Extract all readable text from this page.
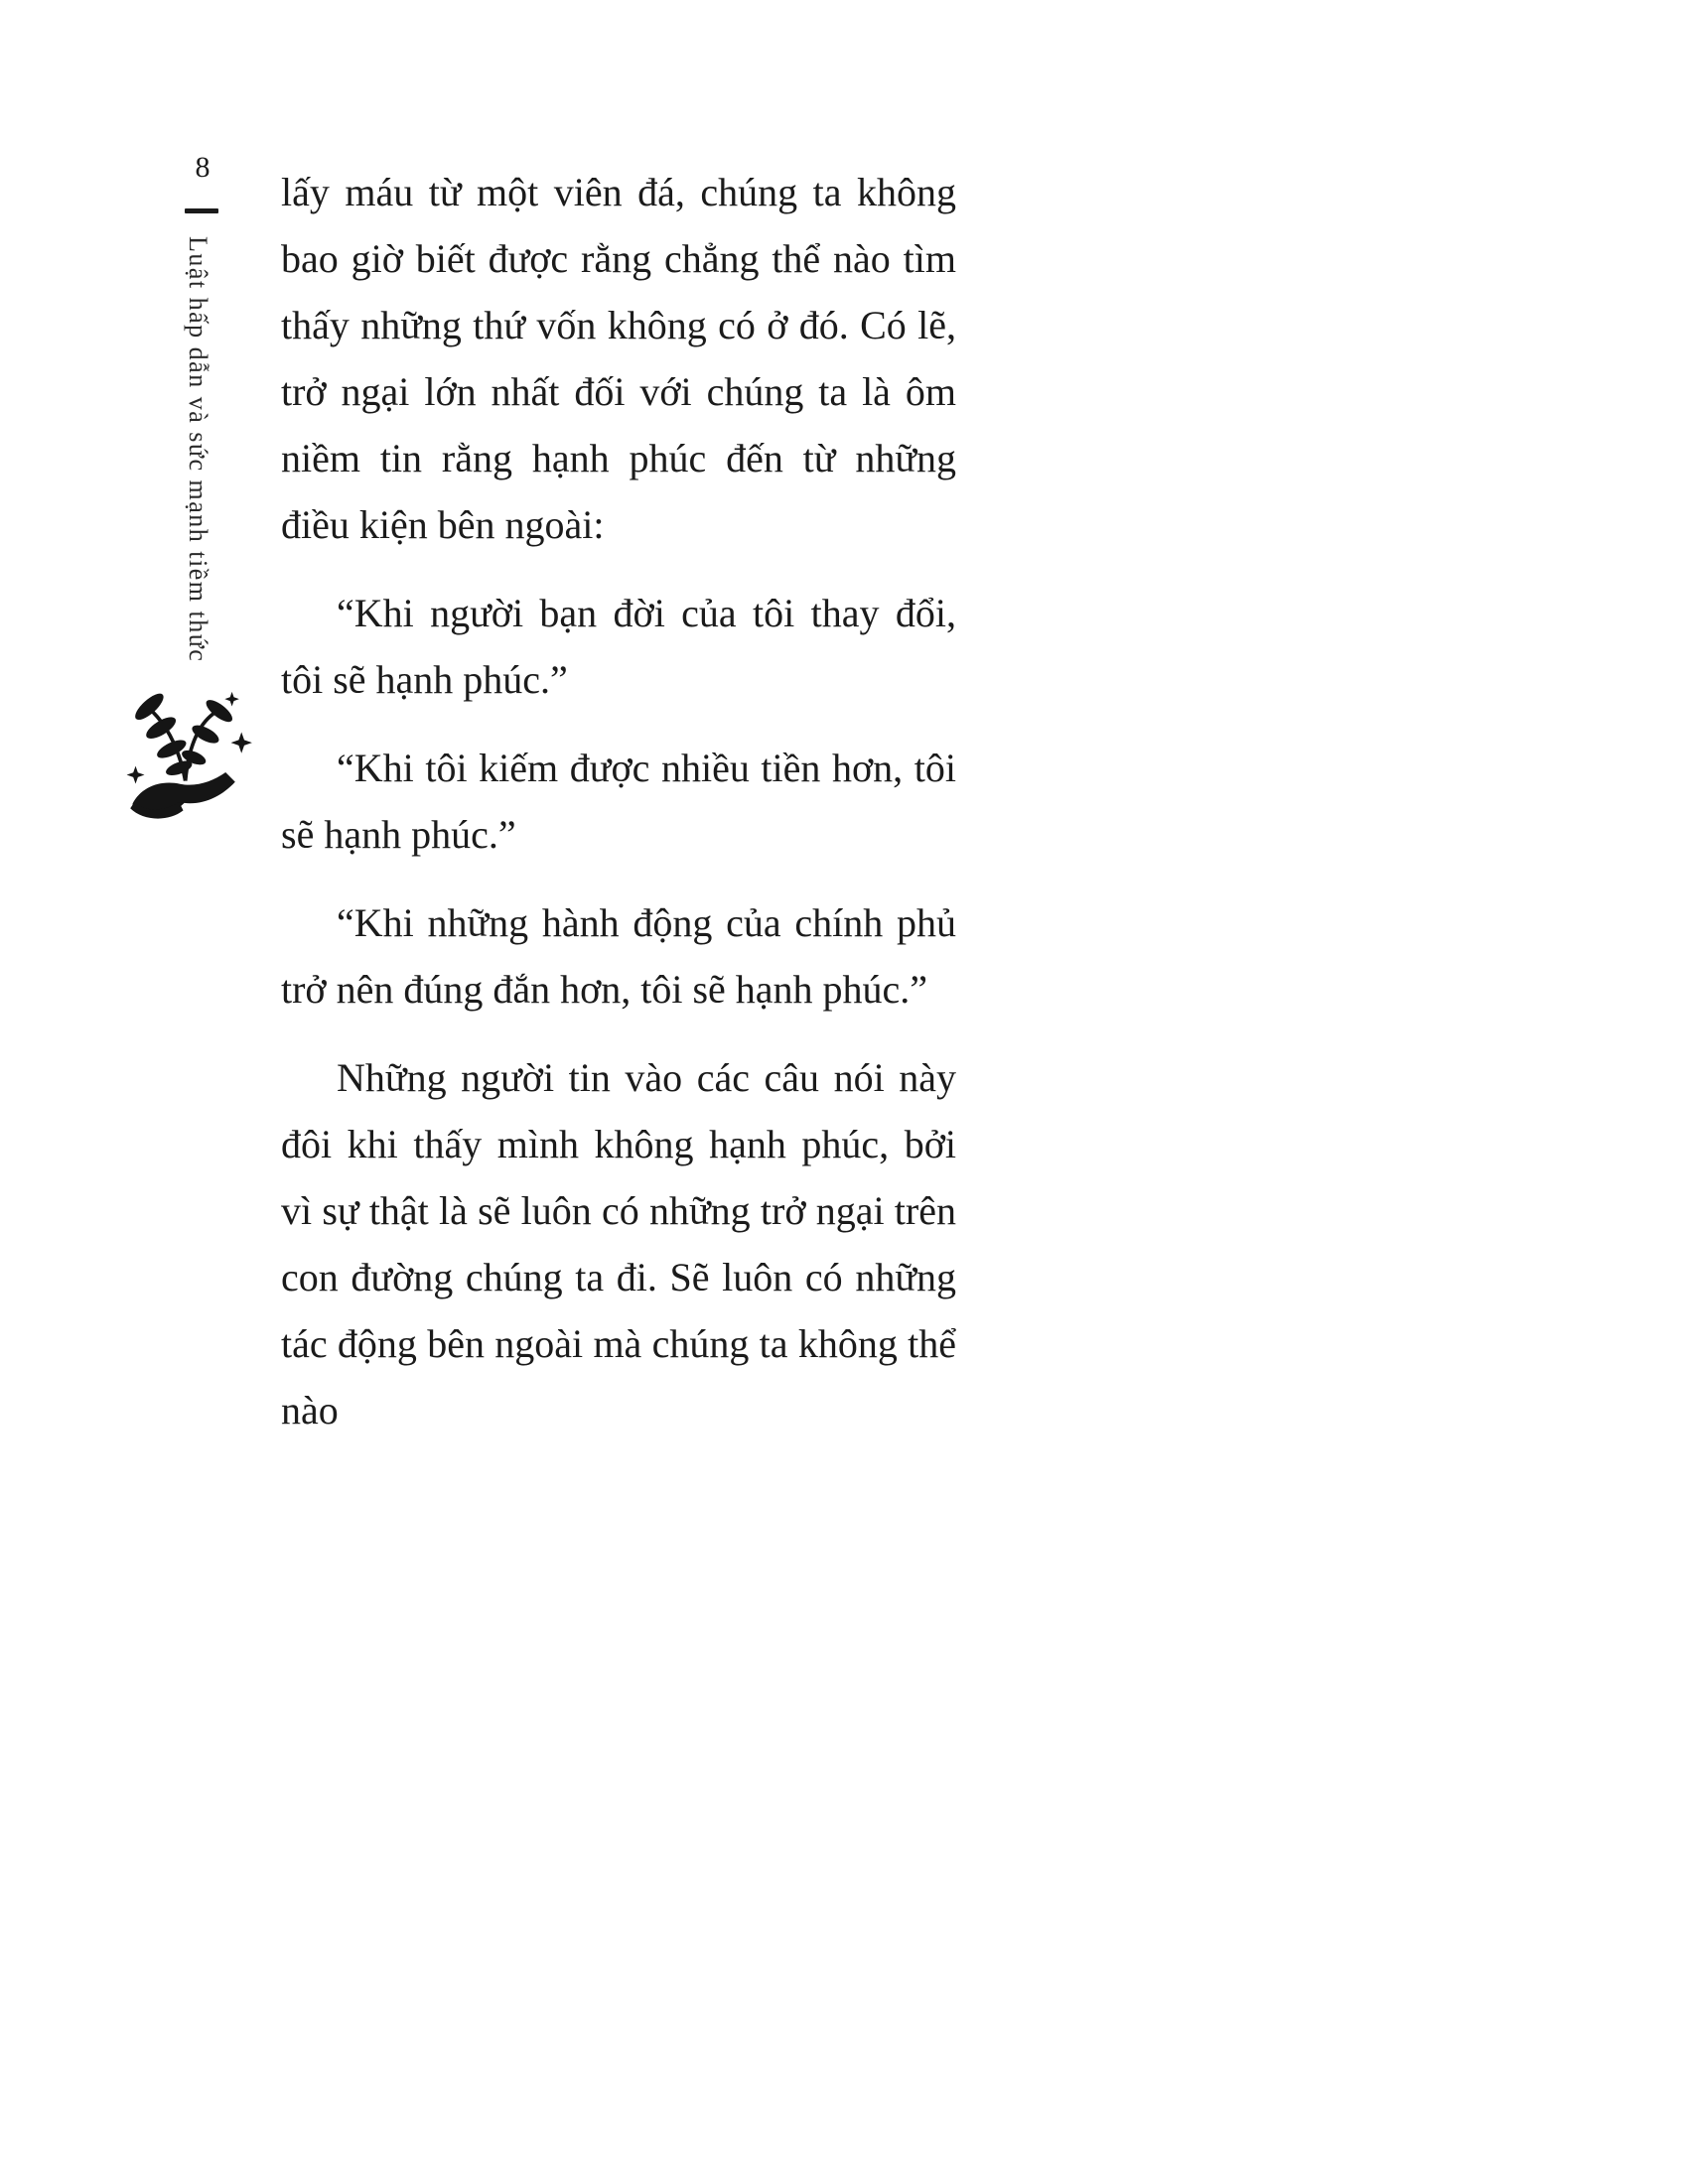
8
Luật hấp dẫn và sức mạnh tiềm thức

lấy máu từ một viên đá, chúng ta không bao giờ biết được rằng chẳng thể nào tìm thấy những thứ vốn không có ở đó. Có lẽ, trở ngại lớn nhất đối với chúng ta là ôm niềm tin rằng hạnh phúc đến từ những điều kiện bên ngoài:

“Khi người bạn đời của tôi thay đổi, tôi sẽ hạnh phúc.”

“Khi tôi kiếm được nhiều tiền hơn, tôi sẽ hạnh phúc.”

“Khi những hành động của chính phủ trở nên đúng đắn hơn, tôi sẽ hạnh phúc.”

Những người tin vào các câu nói này đôi khi thấy mình không hạnh phúc, bởi vì sự thật là sẽ luôn có những trở ngại trên con đường chúng ta đi. Sẽ luôn có những tác động bên ngoài mà chúng ta không thể nào
